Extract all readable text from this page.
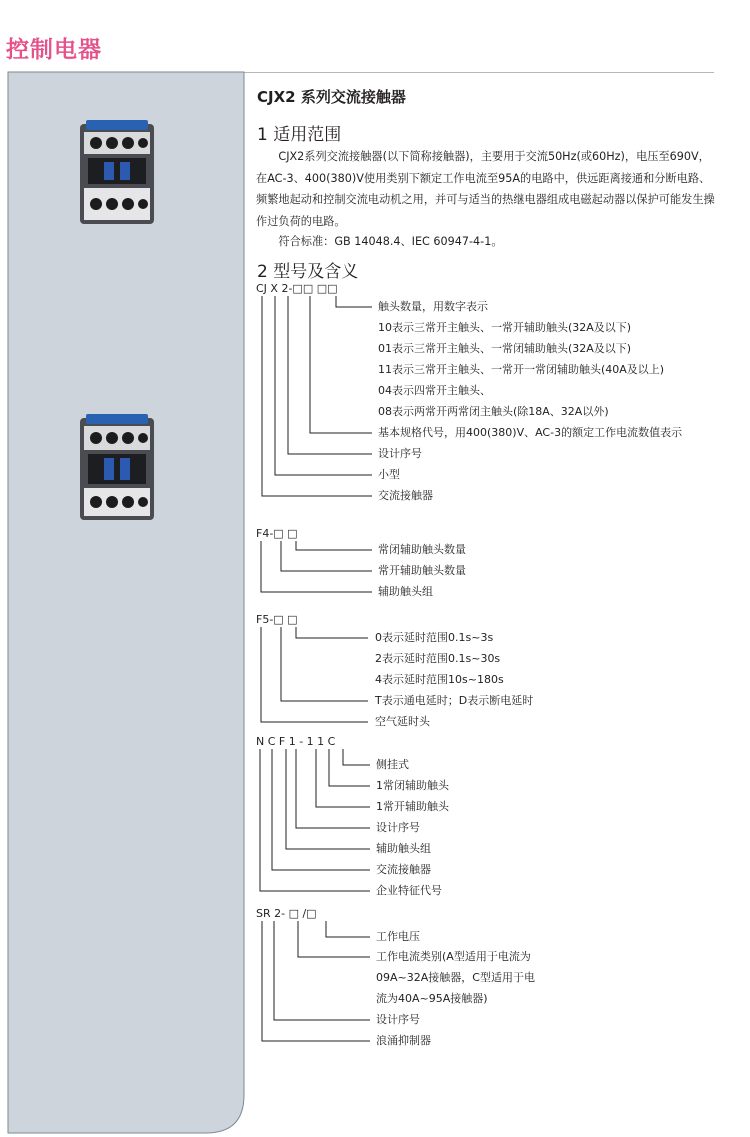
控制电器
CJX2 系列交流接触器
1 适用范围

CJX2系列交流接触器(以下简称接触器)，主要用于交流50Hz(或60Hz)，电压至690V，在AC-3、400(380)V使用类别下额定工作电流至95A的电路中，供远距离接通和分断电路、频繁地起动和控制交流电动机之用，并可与适当的热继电器组成电磁起动器以保护可能发生操作过负荷的电路。

符合标准：GB 14048.4、IEC 60947-4-1。

2 型号及含义
CJ X 2-□□ □□
触头数量，用数字表示
10表示三常开主触头、一常开辅助触头(32A及以下)
01表示三常开主触头、一常闭辅助触头(32A及以下)
11表示三常开主触头、一常开一常闭辅助触头(40A及以上)
04表示四常开主触头、
08表示两常开两常闭主触头(除18A、32A以外)
基本规格代号，用400(380)V、AC-3的额定工作电流数值表示
设计序号
小型
交流接触器
F4-□ □
常闭辅助触头数量
常开辅助触头数量
辅助触头组
F5-□ □
0表示延时范围0.1s~3s
2表示延时范围0.1s~30s
4表示延时范围10s~180s
T表示通电延时；D表示断电延时
空气延时头
N C F 1 - 1 1 C
侧挂式
1常闭辅助触头
1常开辅助触头
设计序号
辅助触头组
交流接触器
企业特征代号
SR 2- □ /□
工作电压
工作电流类别(A型适用于电流为
09A~32A接触器，C型适用于电
流为40A~95A接触器)
设计序号
浪涌抑制器
